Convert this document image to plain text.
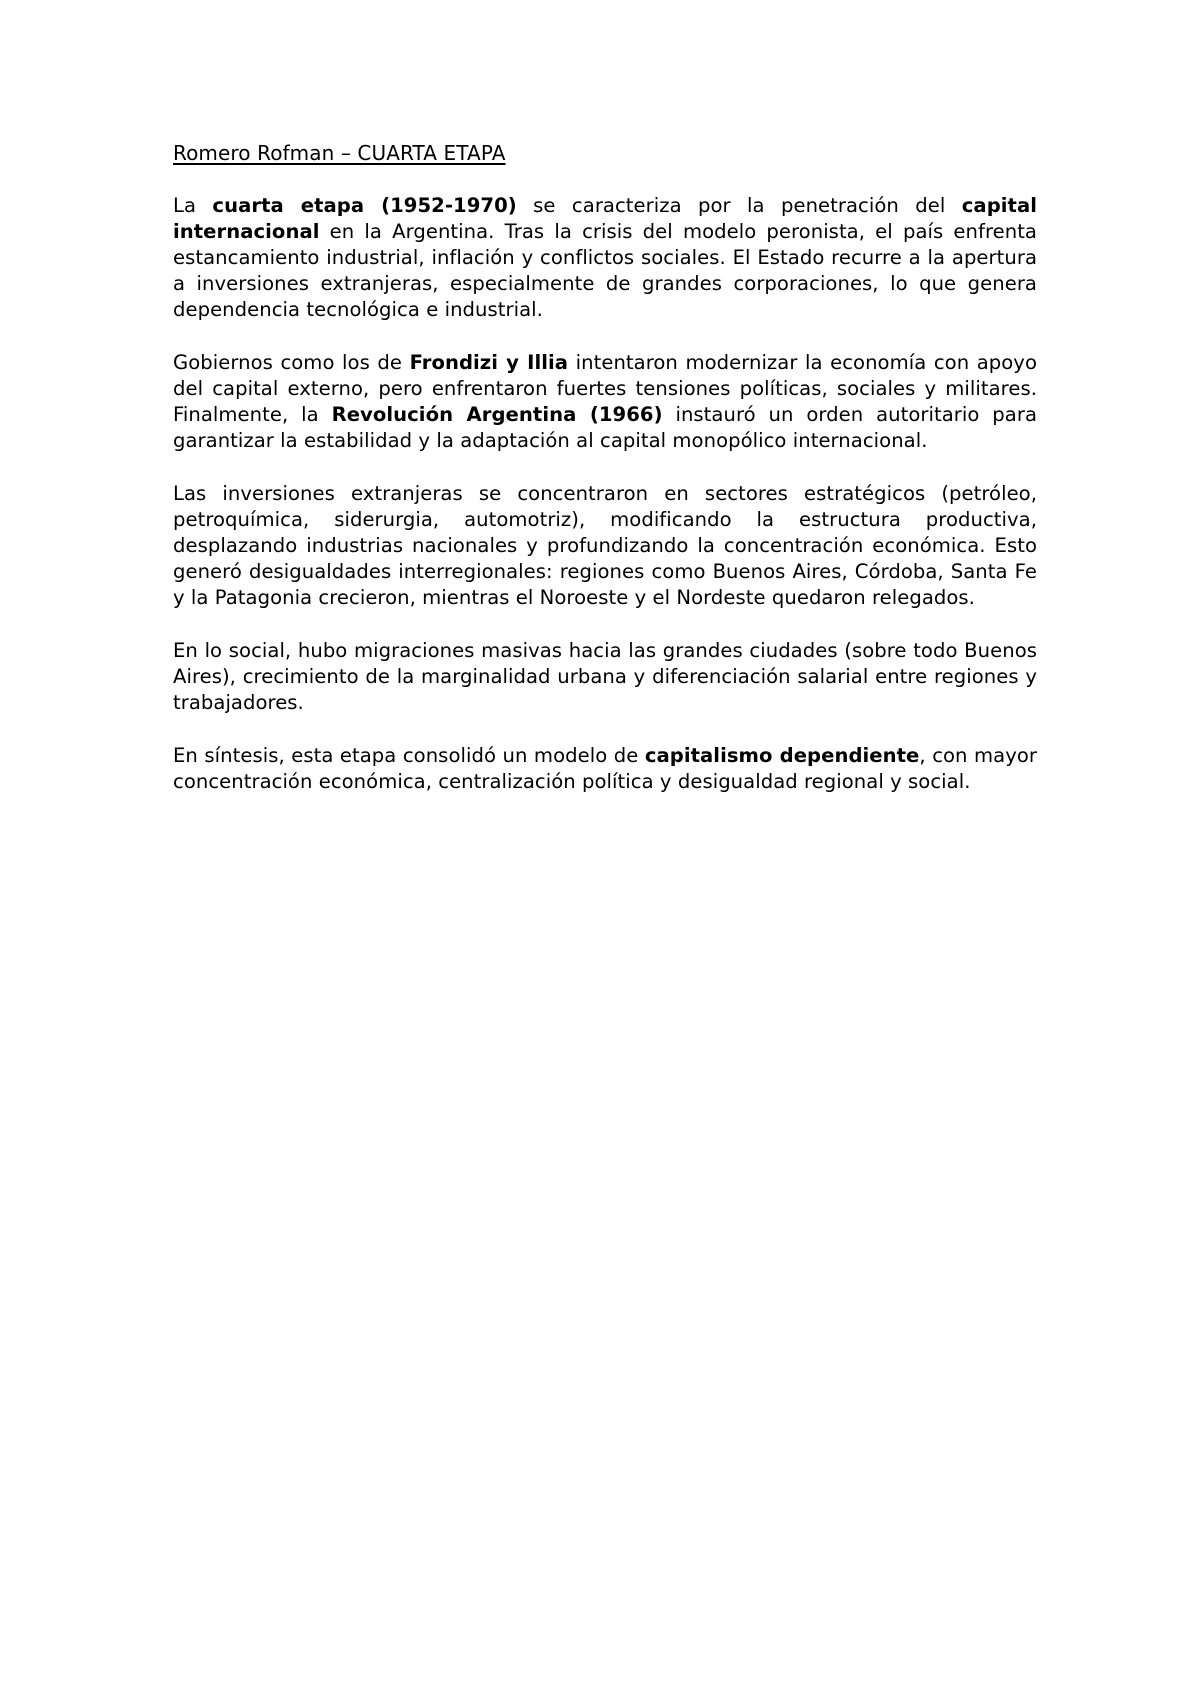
Romero Rofman – CUARTA ETAPA

La cuarta etapa (1952-1970) se caracteriza por la penetración del capital internacional en la Argentina. Tras la crisis del modelo peronista, el país enfrenta estancamiento industrial, inflación y conflictos sociales. El Estado recurre a la apertura a inversiones extranjeras, especialmente de grandes corporaciones, lo que genera dependencia tecnológica e industrial.

Gobiernos como los de Frondizi y Illia intentaron modernizar la economía con apoyo del capital externo, pero enfrentaron fuertes tensiones políticas, sociales y militares. Finalmente, la Revolución Argentina (1966) instauró un orden autoritario para garantizar la estabilidad y la adaptación al capital monopólico internacional.

Las inversiones extranjeras se concentraron en sectores estratégicos (petróleo, petroquímica, siderurgia, automotriz), modificando la estructura productiva, desplazando industrias nacionales y profundizando la concentración económica. Esto generó desigualdades interregionales: regiones como Buenos Aires, Córdoba, Santa Fe y la Patagonia crecieron, mientras el Noroeste y el Nordeste quedaron relegados.

En lo social, hubo migraciones masivas hacia las grandes ciudades (sobre todo Buenos Aires), crecimiento de la marginalidad urbana y diferenciación salarial entre regiones y trabajadores.

En síntesis, esta etapa consolidó un modelo de capitalismo dependiente, con mayor concentración económica, centralización política y desigualdad regional y social.
